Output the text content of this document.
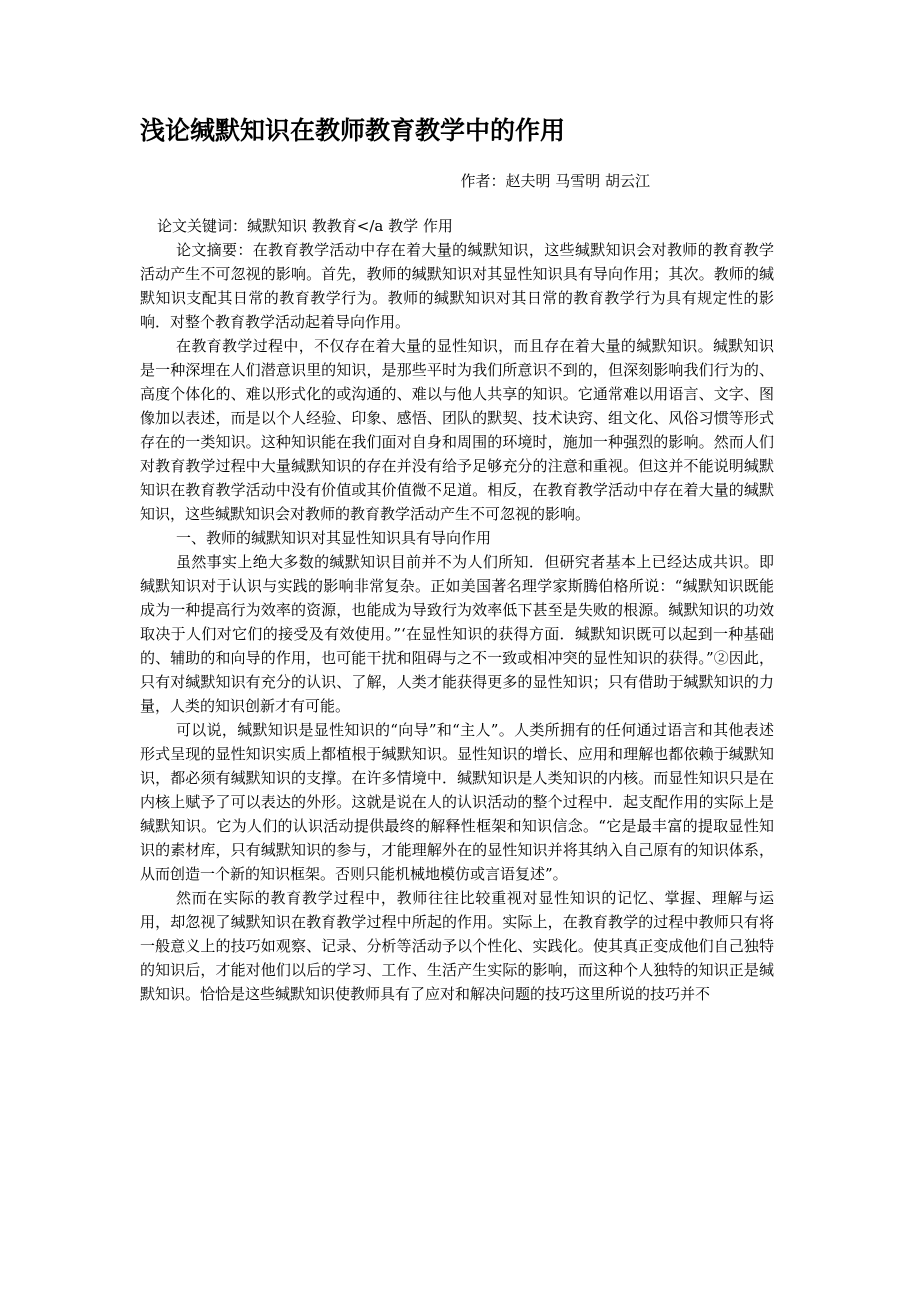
浅论缄默知识在教师教育教学中的作用
作者：赵夫明 马雪明 胡云江

论文关键词：缄默知识 教教育</a 教学 作用

论文摘要：在教育教学活动中存在着大量的缄默知识，这些缄默知识会对教师的教育教学活动产生不可忽视的影响。首先，教师的缄默知识对其显性知识具有导向作用；其次。教师的缄默知识支配其日常的教育教学行为。教师的缄默知识对其日常的教育教学行为具有规定性的影响．对整个教育教学活动起着导向作用。

在教育教学过程中，不仅存在着大量的显性知识，而且存在着大量的缄默知识。缄默知识是一种深埋在人们潜意识里的知识，是那些平时为我们所意识不到的，但深刻影响我们行为的、高度个体化的、难以形式化的或沟通的、难以与他人共享的知识。它通常难以用语言、文字、图像加以表述，而是以个人经验、印象、感悟、团队的默契、技术诀窍、组文化、风俗习惯等形式存在的一类知识。这种知识能在我们面对自身和周围的环境时，施加一种强烈的影响。然而人们对教育教学过程中大量缄默知识的存在并没有给予足够充分的注意和重视。但这并不能说明缄默知识在教育教学活动中没有价值或其价值微不足道。相反，在教育教学活动中存在着大量的缄默知识，这些缄默知识会对教师的教育教学活动产生不可忽视的影响。

一、教师的缄默知识对其显性知识具有导向作用

虽然事实上绝大多数的缄默知识目前并不为人们所知．但研究者基本上已经达成共识。即缄默知识对于认识与实践的影响非常复杂。正如美国著名理学家斯腾伯格所说：“缄默知识既能成为一种提高行为效率的资源，也能成为导致行为效率低下甚至是失败的根源。缄默知识的功效取决于人们对它们的接受及有效使用。”‘在显性知识的获得方面．缄默知识既可以起到一种基础的、辅助的和向导的作用，也可能干扰和阻碍与之不一致或相冲突的显性知识的获得。”②因此，只有对缄默知识有充分的认识、了解，人类才能获得更多的显性知识；只有借助于缄默知识的力量，人类的知识创新才有可能。

可以说，缄默知识是显性知识的“向导”和“主人”。人类所拥有的任何通过语言和其他表述形式呈现的显性知识实质上都植根于缄默知识。显性知识的增长、应用和理解也都依赖于缄默知识，都必须有缄默知识的支撑。在许多情境中．缄默知识是人类知识的内核。而显性知识只是在内核上赋予了可以表达的外形。这就是说在人的认识活动的整个过程中．起支配作用的实际上是缄默知识。它为人们的认识活动提供最终的解释性框架和知识信念。“它是最丰富的提取显性知识的素材库，只有缄默知识的参与，才能理解外在的显性知识并将其纳入自己原有的知识体系，从而创造一个新的知识框架。否则只能机械地模仿或言语复述”。

然而在实际的教育教学过程中，教师往往比较重视对显性知识的记忆、掌握、理解与运用，却忽视了缄默知识在教育教学过程中所起的作用。实际上，在教育教学的过程中教师只有将一般意义上的技巧如观察、记录、分析等活动予以个性化、实践化。使其真正变成他们自己独特的知识后，才能对他们以后的学习、工作、生活产生实际的影响，而这种个人独特的知识正是缄默知识。恰恰是这些缄默知识使教师具有了应对和解决问题的技巧这里所说的技巧并不
